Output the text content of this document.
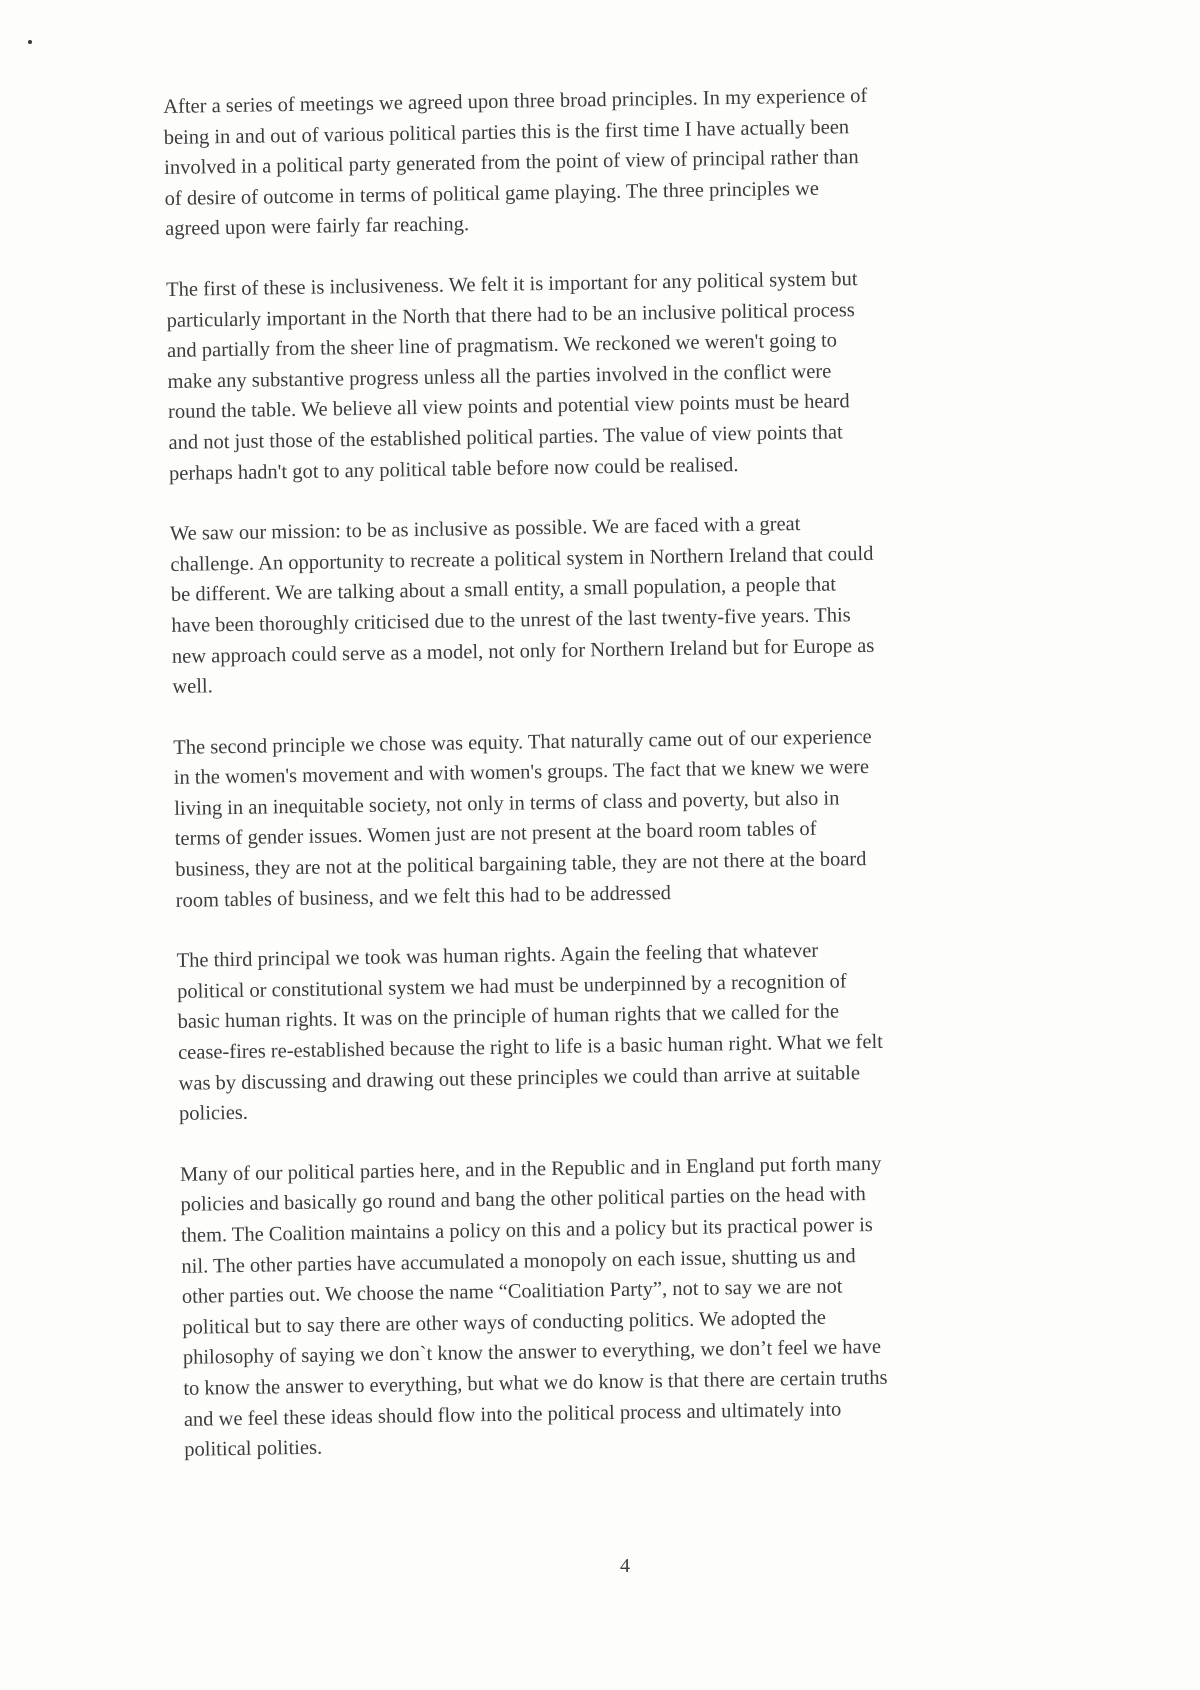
After a series of meetings we agreed upon three broad principles. In my experience of
being in and out of various political parties this is the first time I have actually been
involved in a political party generated from the point of view of principal rather than
of desire of outcome in terms of political game playing. The three principles we
agreed upon were fairly far reaching.

The first of these is inclusiveness. We felt it is important for any political system but
particularly important in the North that there had to be an inclusive political process
and partially from the sheer line of pragmatism. We reckoned we weren't going to
make any substantive progress unless all the parties involved in the conflict were
round the table. We believe all view points and potential view points must be heard
and not just those of the established political parties. The value of view points that
perhaps hadn't got to any political table before now could be realised.

We saw our mission: to be as inclusive as possible. We are faced with a great
challenge. An opportunity to recreate a political system in Northern Ireland that could
be different. We are talking about a small entity, a small population, a people that
have been thoroughly criticised due to the unrest of the last twenty-five years. This
new approach could serve as a model, not only for Northern Ireland but for Europe as
well.

The second principle we chose was equity. That naturally came out of our experience
in the women's movement and with women's groups. The fact that we knew we were
living in an inequitable society, not only in terms of class and poverty, but also in
terms of gender issues. Women just are not present at the board room tables of
business, they are not at the political bargaining table, they are not there at the board
room tables of business, and we felt this had to be addressed

The third principal we took was human rights. Again the feeling that whatever
political or constitutional system we had must be underpinned by a recognition of
basic human rights. It was on the principle of human rights that we called for the
cease-fires re-established because the right to life is a basic human right. What we felt
was by discussing and drawing out these principles we could than arrive at suitable
policies.

Many of our political parties here, and in the Republic and in England put forth many
policies and basically go round and bang the other political parties on the head with
them. The Coalition maintains a policy on this and a policy but its practical power is
nil. The other parties have accumulated a monopoly on each issue, shutting us and
other parties out. We choose the name “Coalitiation Party”, not to say we are not
political but to say there are other ways of conducting politics. We adopted the
philosophy of saying we don`t know the answer to everything, we don’t feel we have
to know the answer to everything, but what we do know is that there are certain truths
and we feel these ideas should flow into the political process and ultimately into
political polities.

4
